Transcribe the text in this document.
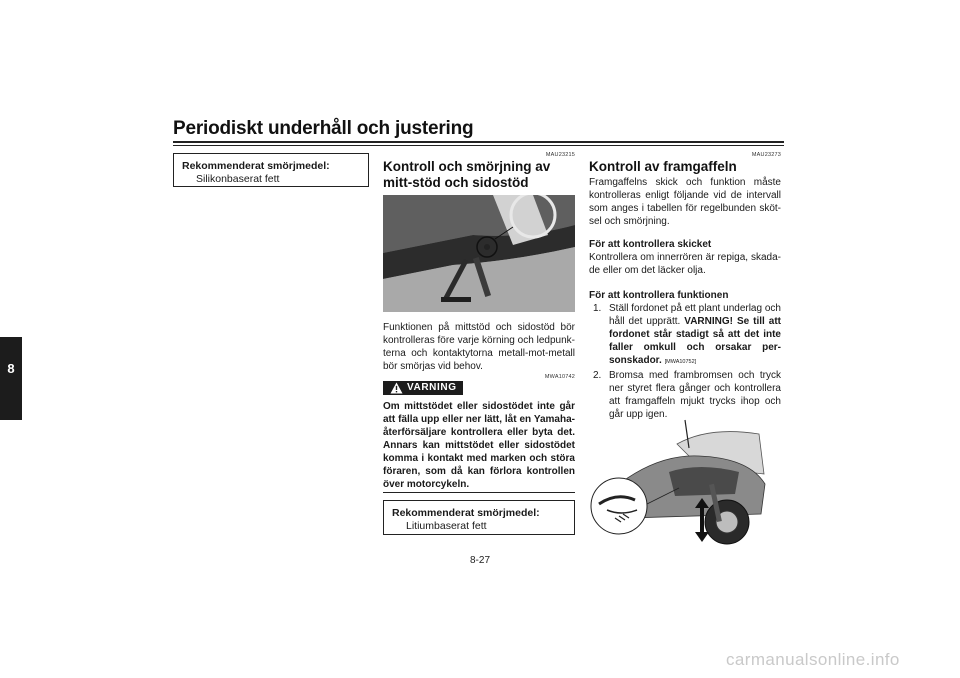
Periodiskt underhåll och justering
8
Rekommenderat smörjmedel:
Silikonbaserat fett
MAU23215
Kontroll och smörjning av mitt-stöd och sidostöd
Funktionen på mittstöd och sidostöd bör kontrolleras före varje körning och ledpunk-terna och kontaktytorna metall-mot-metall bör smörjas vid behov.
MWA10742
VARNING
Om mittstödet eller sidostödet inte går att fälla upp eller ner lätt, låt en Yamaha-återförsäljare kontrollera eller byta det. Annars kan mittstödet eller sidostödet komma i kontakt med marken och störa föraren, som då kan förlora kontrollen över motorcykeln.
Rekommenderat smörjmedel:
Litiumbaserat fett
MAU23273
Kontroll av framgaffeln
Framgaffelns skick och funktion måste kontrolleras enligt följande vid de intervall som anges i tabellen för regelbunden sköt-sel och smörjning.
För att kontrollera skicket
Kontrollera om innerrören är repiga, skada-de eller om det läcker olja.
För att kontrollera funktionen
1. Ställ fordonet på ett plant underlag och håll det upprätt. VARNING! Se till att fordonet står stadigt så att det inte faller omkull och orsakar per-sonskador. [MWA10752]
2. Bromsa med frambromsen och tryck ner styret flera gånger och kontrollera att framgaffeln mjukt trycks ihop och går upp igen.
8-27
carmanualsonline.info
